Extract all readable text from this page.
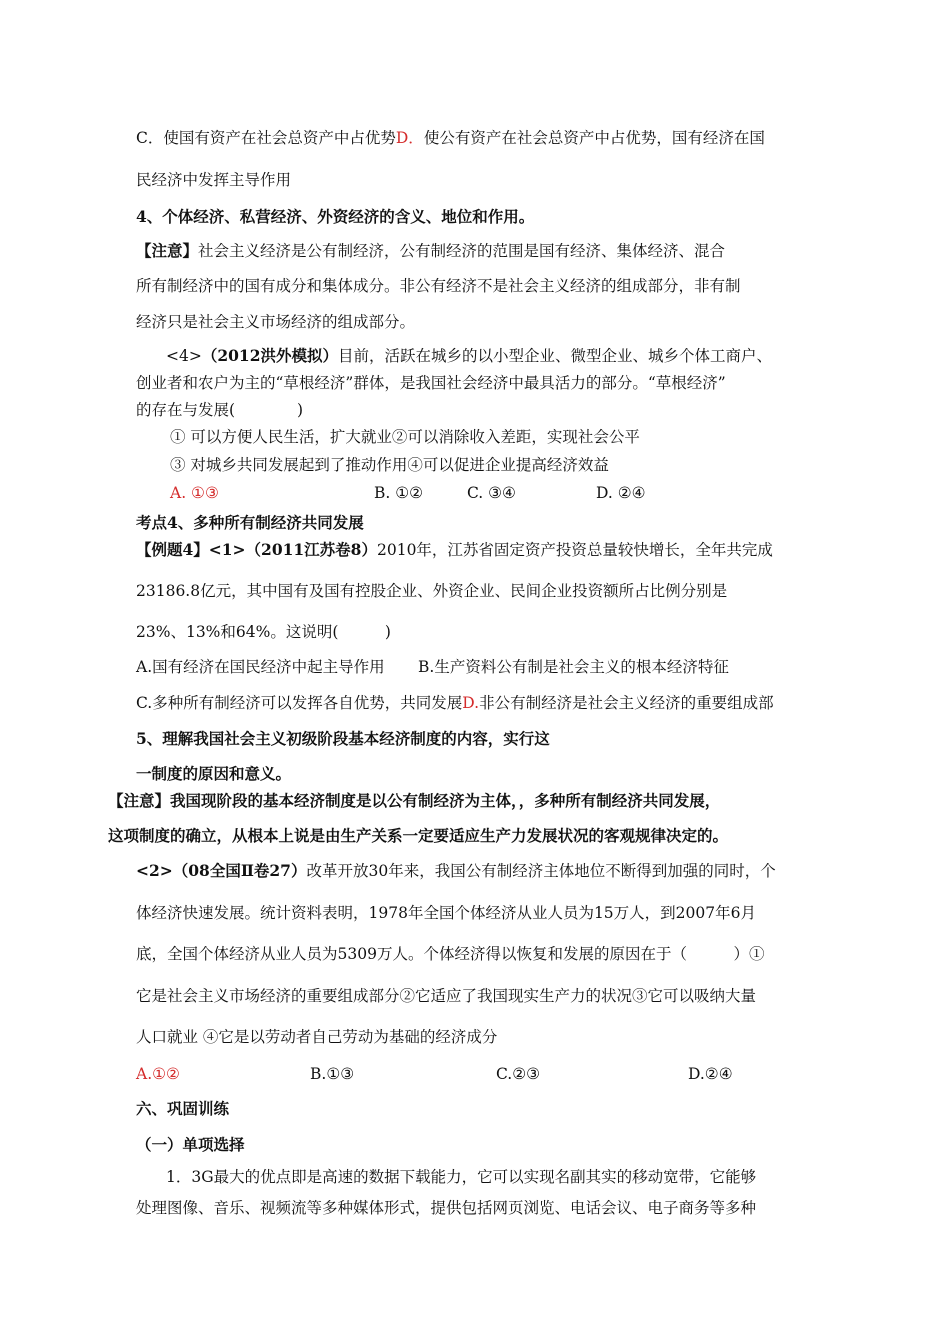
C．使国有资产在社会总资产中占优势D．使公有资产在社会总资产中占优势，国有经济在国
民经济中发挥主导作用
4、个体经济、私营经济、外资经济的含义、地位和作用。
【注意】社会主义经济是公有制经济，公有制经济的范围是国有经济、集体经济、混合
所有制经济中的国有成分和集体成分。非公有经济不是社会主义经济的组成部分，非有制
经济只是社会主义市场经济的组成部分。
<4>（2012洪外模拟）目前，活跃在城乡的以小型企业、微型企业、城乡个体工商户、
创业者和农户为主的“草根经济”群体，是我国社会经济中最具活力的部分。“草根经济”
的存在与发展(　　　　)
① 可以方便人民生活，扩大就业②可以消除收入差距，实现社会公平
③ 对城乡共同发展起到了推动作用④可以促进企业提高经济效益
A. ①③	B. ①②	C. ③④	D. ②④
考点4、多种所有制经济共同发展
【例题4】<1>（2011江苏卷8）2010年，江苏省固定资产投资总量较快增长，全年共完成
23186.8亿元，其中国有及国有控股企业、外资企业、民间企业投资额所占比例分别是
23%、13%和64%。这说明(　　　)
A.国有经济在国民经济中起主导作用 B.生产资料公有制是社会主义的根本经济特征
C.多种所有制经济可以发挥各自优势，共同发展D.非公有制经济是社会主义经济的重要组成部
5、理解我国社会主义初级阶段基本经济制度的内容，实行这
一制度的原因和意义。
【注意】我国现阶段的基本经济制度是以公有制经济为主体，，多种所有制经济共同发展，
这项制度的确立，从根本上说是由生产关系一定要适应生产力发展状况的客观规律决定的。
<2>（08全国Ⅱ卷27）改革开放30年来，我国公有制经济主体地位不断得到加强的同时，个
体经济快速发展。统计资料表明，1978年全国个体经济从业人员为15万人，到2007年6月
底，全国个体经济从业人员为5309万人。个体经济得以恢复和发展的原因在于（　　　）①
它是社会主义市场经济的重要组成部分②它适应了我国现实生产力的状况③它可以吸纳大量
人口就业 ④它是以劳动者自己劳动为基础的经济成分
A.①②	B.①③	C.②③	D.②④
六、巩固训练
（一）单项选择
1．3G最大的优点即是高速的数据下载能力，它可以实现名副其实的移动宽带，它能够
处理图像、音乐、视频流等多种媒体形式，提供包括网页浏览、电话会议、电子商务等多种
